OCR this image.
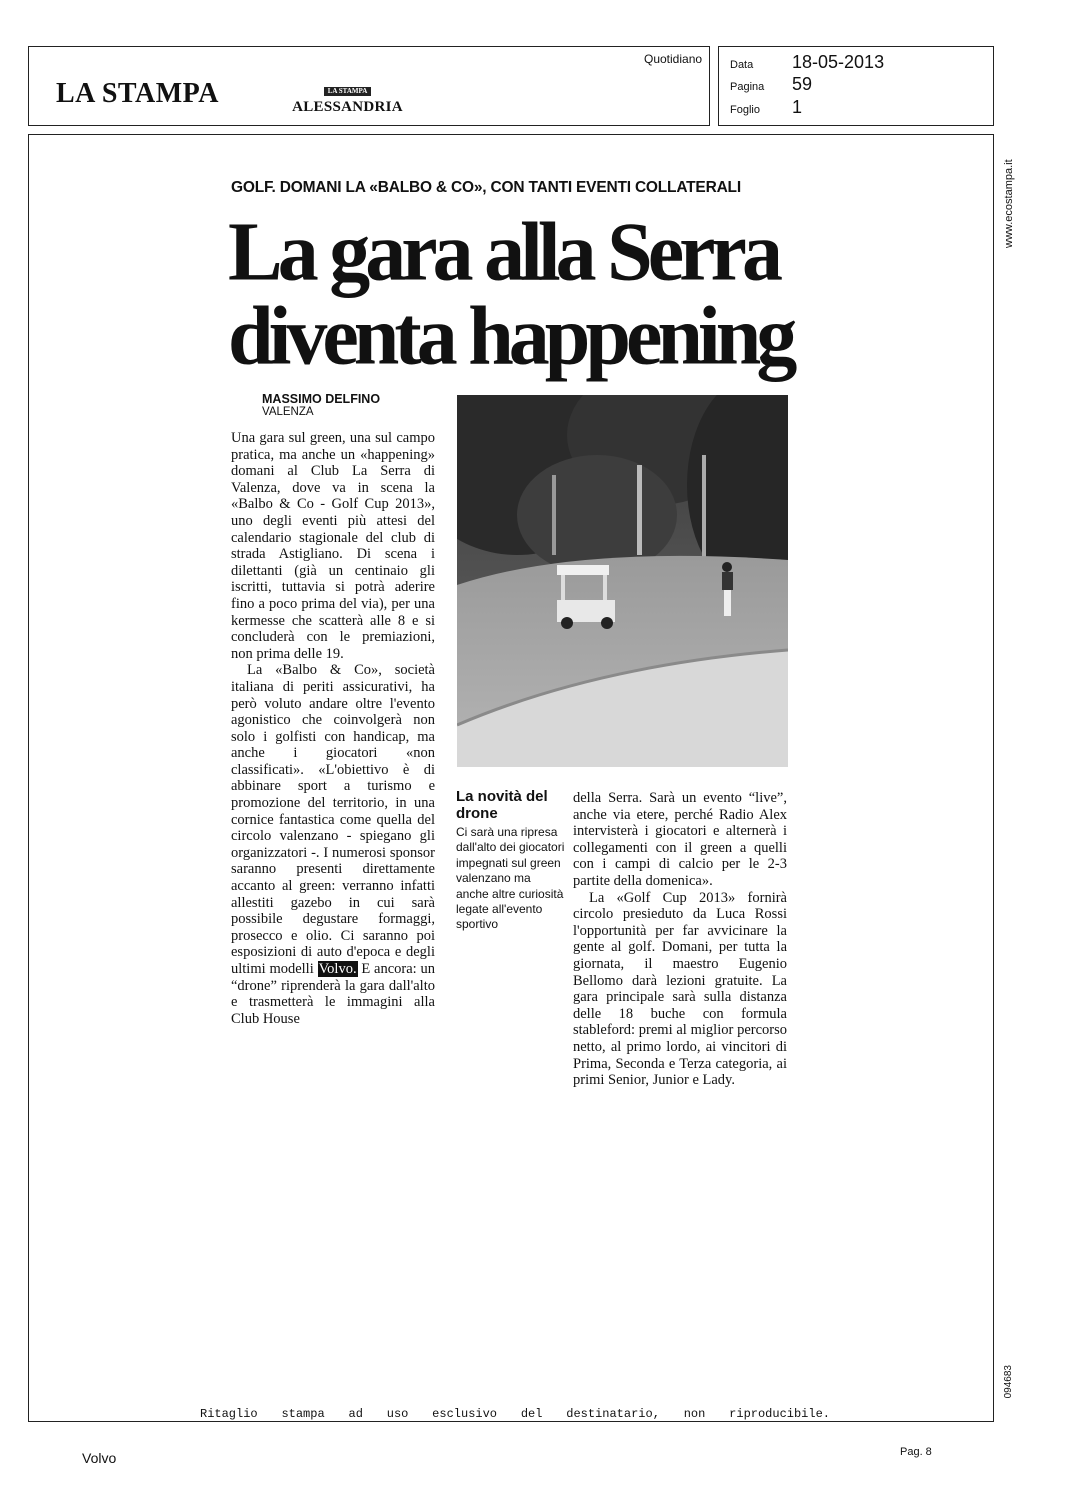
LA STAMPA	LA STAMPA
ALESSANDRIA
Quotidiano	Data 18-05-2013
Pagina 59
Foglio 1
www.ecostampa.it
094683
Ritaglio stampa ad uso esclusivo del destinatario, non riproducibile.
GOLF. DOMANI LA «BALBO & CO», CON TANTI EVENTI COLLATERALI
La gara alla Serra
diventa happening
MASSIMO DELFINO
VALENZA

Una gara sul green, una sul campo pratica, ma anche un «happening» domani al Club La Serra di Valenza, dove va in scena la «Balbo & Co - Golf Cup 2013», uno degli eventi più attesi del calendario stagionale del club di strada Astigliano. Di scena i dilettanti (già un centinaio gli iscritti, tuttavia si potrà aderire fino a poco prima del via), per una kermesse che scatterà alle 8 e si concluderà con le premiazioni, non prima delle 19.

La «Balbo & Co», società italiana di periti assicurativi, ha però voluto andare oltre l'evento agonistico che coinvolgerà non solo i golfisti con handicap, ma anche i giocatori «non classificati». «L'obiettivo è di abbinare sport a turismo e promozione del territorio, in una cornice fantastica come quella del circolo valenzano - spiegano gli organizzatori -. I numerosi sponsor saranno presenti direttamente accanto al green: verranno infatti allestiti gazebo in cui sarà possibile degustare formaggi, prosecco e olio. Ci saranno poi esposizioni di auto d'epoca e degli ultimi modelli Volvo. E ancora: un “drone” riprenderà la gara dall'alto e trasmetterà le immagini alla Club House

La novità del drone
Ci sarà una ripresa dall'alto dei giocatori impegnati sul green valenzano ma anche altre curiosità legate all'evento sportivo

della Serra. Sarà un evento “live”, anche via etere, perché Radio Alex intervisterà i giocatori e alternerà i collegamenti con il green a quelli con i campi di calcio per le 2-3 partite della domenica».

La «Golf Cup 2013» fornirà circolo presieduto da Luca Rossi l'opportunità per far avvicinare la gente al golf. Domani, per tutta la giornata, il maestro Eugenio Bellomo darà lezioni gratuite. La gara principale sarà sulla distanza delle 18 buche con formula stableford: premi al miglior percorso netto, al primo lordo, ai vincitori di Prima, Seconda e Terza categoria, ai primi Senior, Junior e Lady.

Volvo	Pag. 8
